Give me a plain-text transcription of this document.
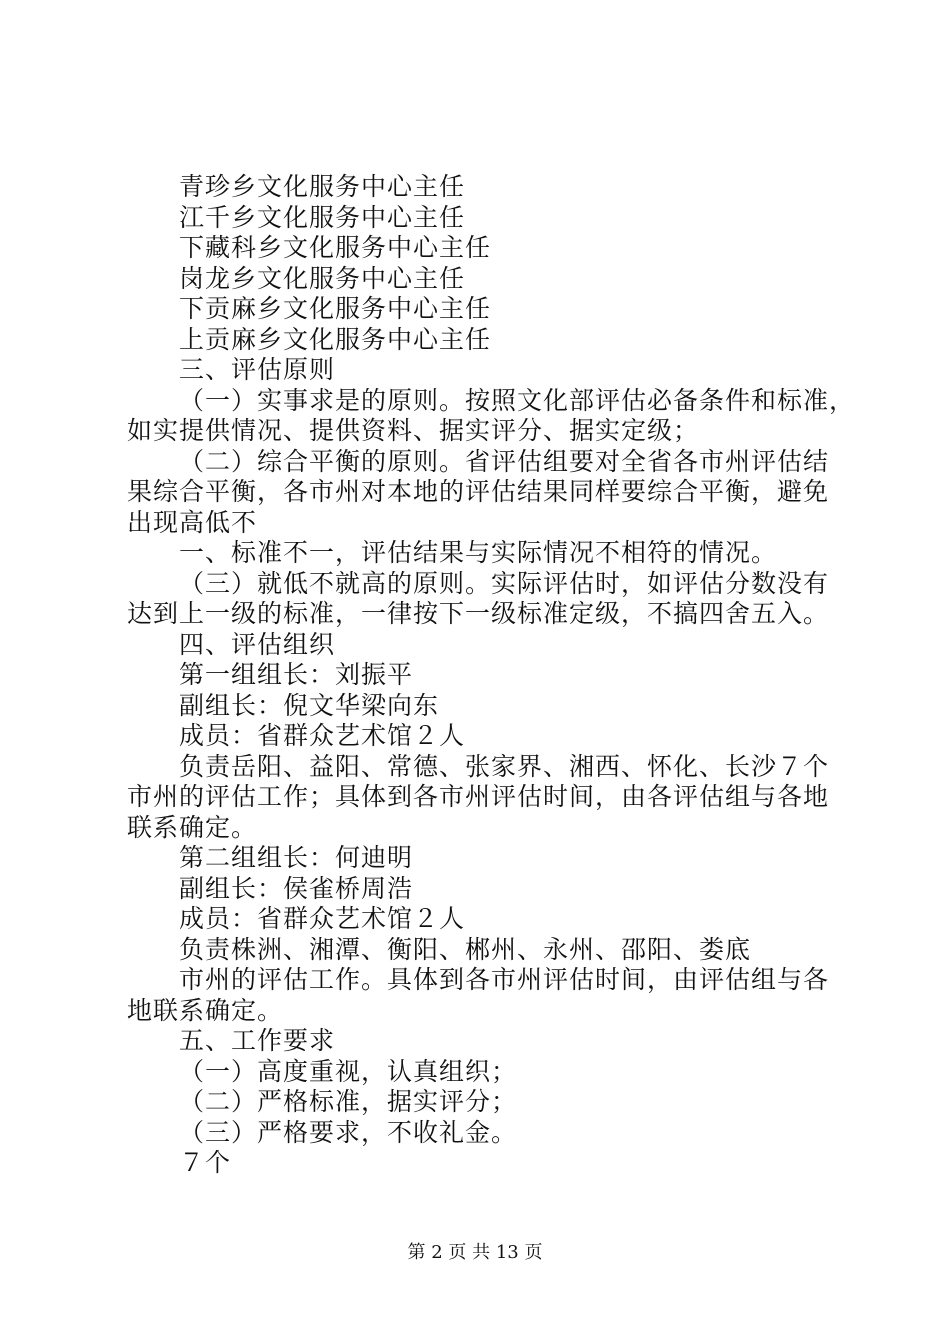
青珍乡文化服务中心主任
江千乡文化服务中心主任
下藏科乡文化服务中心主任
岗龙乡文化服务中心主任
下贡麻乡文化服务中心主任
上贡麻乡文化服务中心主任
三、评估原则
（一）实事求是的原则。按照文化部评估必备条件和标准，
如实提供情况、提供资料、据实评分、据实定级；
（二）综合平衡的原则。省评估组要对全省各市州评估结
果综合平衡，各市州对本地的评估结果同样要综合平衡，避免
出现高低不
一、标准不一，评估结果与实际情况不相符的情况。
（三）就低不就高的原则。实际评估时，如评估分数没有
达到上一级的标准，一律按下一级标准定级，不搞四舍五入。
四、评估组织
第一组组长：刘振平
副组长：倪文华梁向东
成员：省群众艺术馆２人
负责岳阳、益阳、常德、张家界、湘西、怀化、长沙７个
市州的评估工作；具体到各市州评估时间，由各评估组与各地
联系确定。
第二组组长：何迪明
副组长：侯雀桥周浩
成员：省群众艺术馆２人
负责株洲、湘潭、衡阳、郴州、永州、邵阳、娄底
市州的评估工作。具体到各市州评估时间，由评估组与各
地联系确定。
五、工作要求
（一）高度重视，认真组织；
（二）严格标准，据实评分；
（三）严格要求，不收礼金。
７个
第 2 页 共 13 页
